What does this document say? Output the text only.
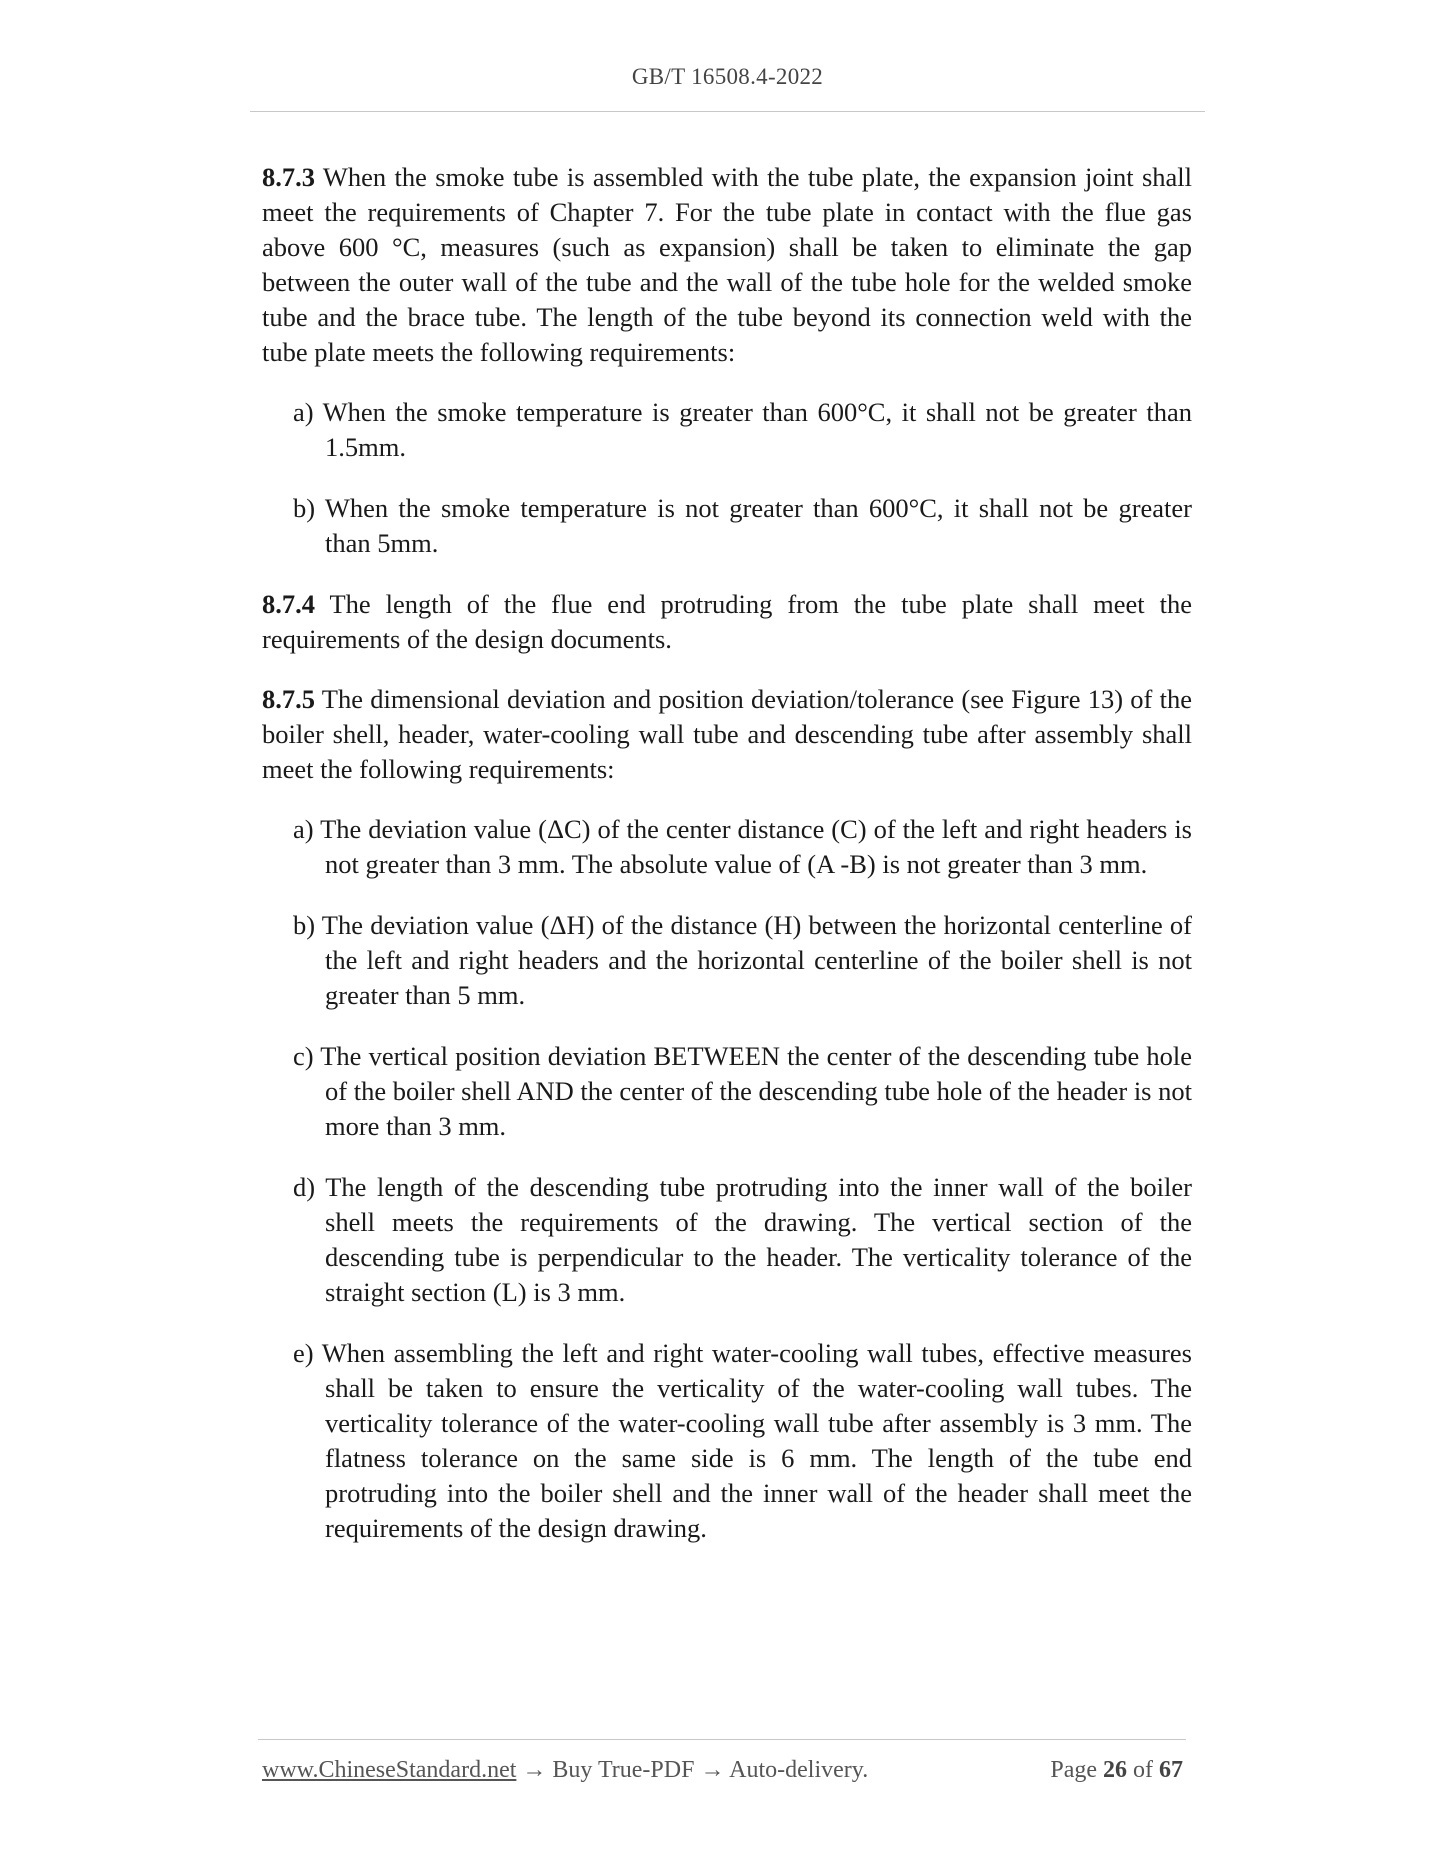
GB/T 16508.4-2022

8.7.3 When the smoke tube is assembled with the tube plate, the expansion joint shall meet the requirements of Chapter 7. For the tube plate in contact with the flue gas above 600 °C, measures (such as expansion) shall be taken to eliminate the gap between the outer wall of the tube and the wall of the tube hole for the welded smoke tube and the brace tube. The length of the tube beyond its connection weld with the tube plate meets the following requirements:

a) When the smoke temperature is greater than 600°C, it shall not be greater than 1.5mm.

b) When the smoke temperature is not greater than 600°C, it shall not be greater than 5mm.

8.7.4 The length of the flue end protruding from the tube plate shall meet the requirements of the design documents.

8.7.5 The dimensional deviation and position deviation/tolerance (see Figure 13) of the boiler shell, header, water-cooling wall tube and descending tube after assembly shall meet the following requirements:

a) The deviation value (ΔC) of the center distance (C) of the left and right headers is not greater than 3 mm. The absolute value of (A -B) is not greater than 3 mm.

b) The deviation value (ΔH) of the distance (H) between the horizontal centerline of the left and right headers and the horizontal centerline of the boiler shell is not greater than 5 mm.

c) The vertical position deviation BETWEEN the center of the descending tube hole of the boiler shell AND the center of the descending tube hole of the header is not more than 3 mm.

d) The length of the descending tube protruding into the inner wall of the boiler shell meets the requirements of the drawing. The vertical section of the descending tube is perpendicular to the header. The verticality tolerance of the straight section (L) is 3 mm.

e) When assembling the left and right water-cooling wall tubes, effective measures shall be taken to ensure the verticality of the water-cooling wall tubes. The verticality tolerance of the water-cooling wall tube after assembly is 3 mm. The flatness tolerance on the same side is 6 mm. The length of the tube end protruding into the boiler shell and the inner wall of the header shall meet the requirements of the design drawing.

www.ChineseStandard.net → Buy True-PDF → Auto-delivery.	Page 26 of 67
